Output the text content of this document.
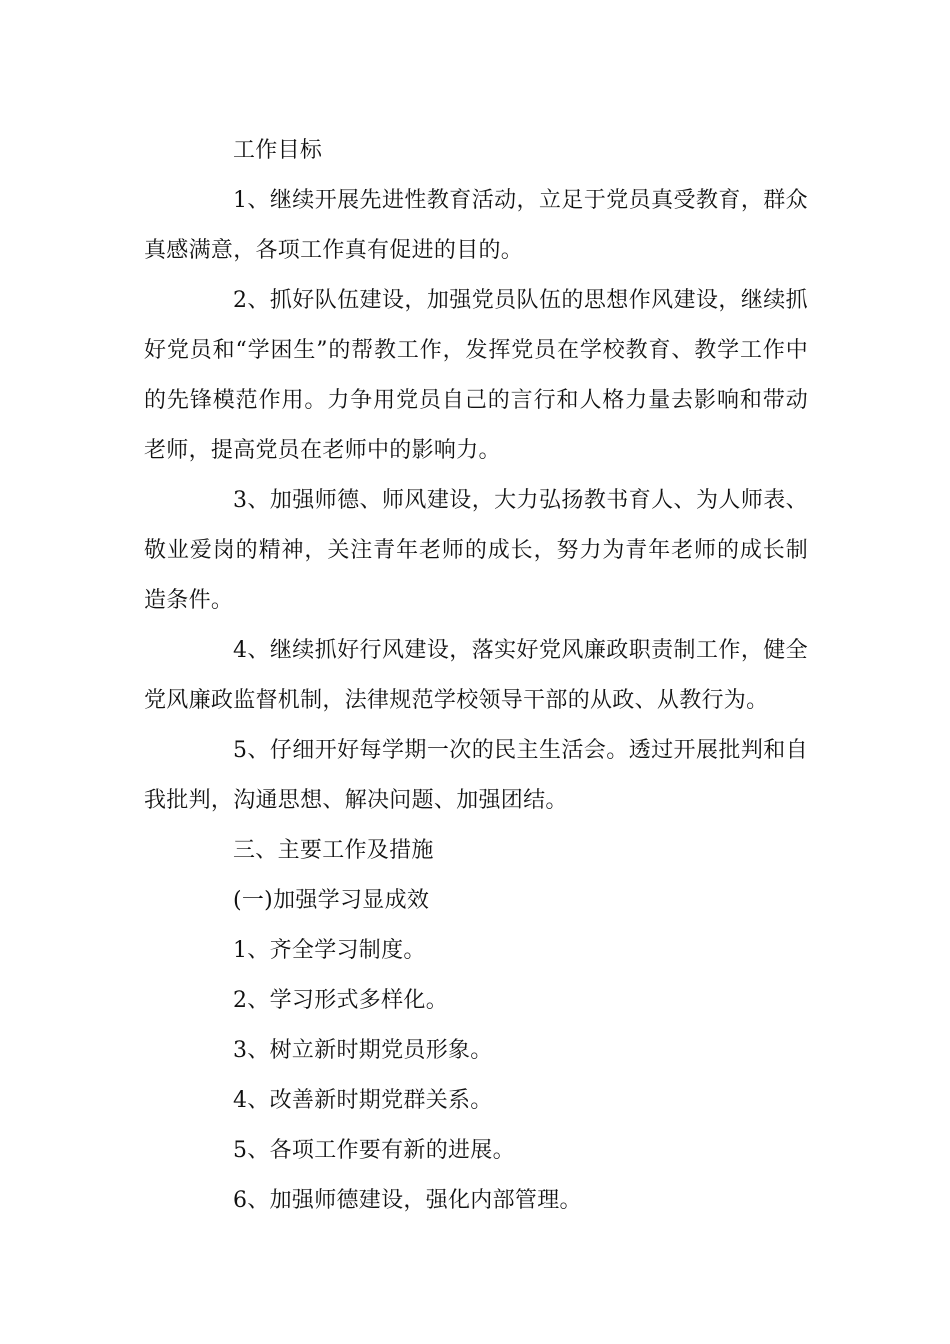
工作目标

1、继续开展先进性教育活动，立足于党员真受教育，群众真感满意，各项工作真有促进的目的。

2、抓好队伍建设，加强党员队伍的思想作风建设，继续抓好党员和“学困生”的帮教工作，发挥党员在学校教育、教学工作中的先锋模范作用。力争用党员自己的言行和人格力量去影响和带动老师，提高党员在老师中的影响力。

3、加强师德、师风建设，大力弘扬教书育人、为人师表、敬业爱岗的精神，关注青年老师的成长，努力为青年老师的成长制造条件。

4、继续抓好行风建设，落实好党风廉政职责制工作，健全党风廉政监督机制，法律规范学校领导干部的从政、从教行为。

5、仔细开好每学期一次的民主生活会。透过开展批判和自我批判，沟通思想、解决问题、加强团结。

三、主要工作及措施

(一)加强学习显成效

1、齐全学习制度。

2、学习形式多样化。

3、树立新时期党员形象。

4、改善新时期党群关系。

5、各项工作要有新的进展。

6、加强师德建设，强化内部管理。
